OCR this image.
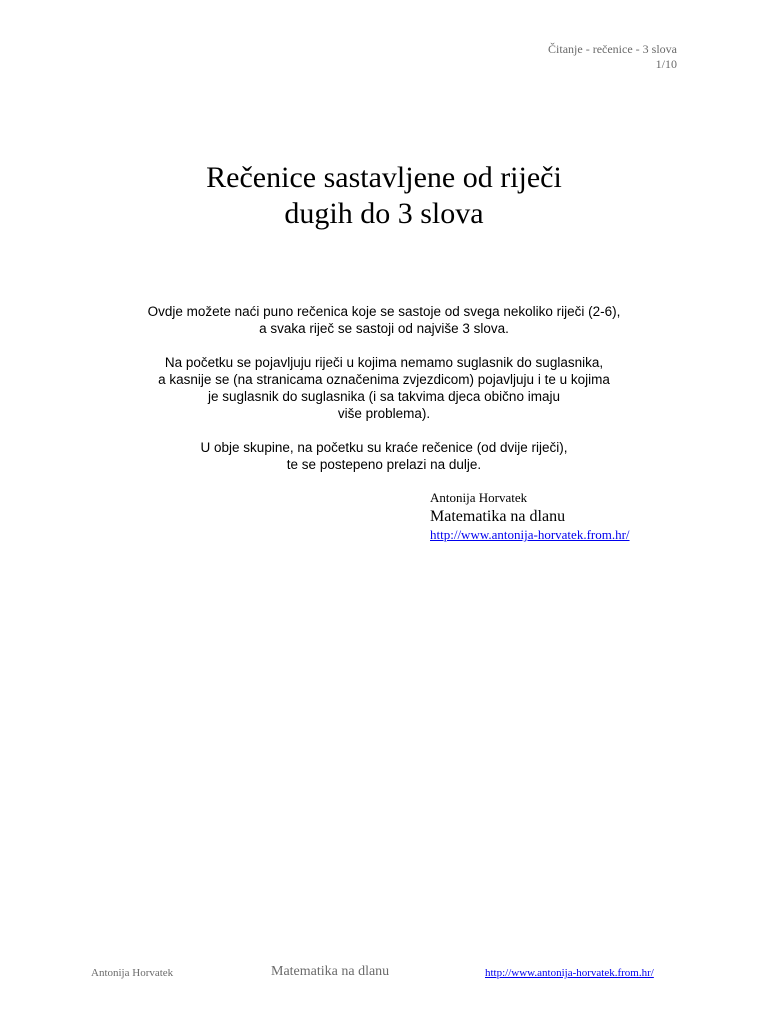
Čitanje - rečenice - 3 slova
1/10
Rečenice sastavljene od riječi
dugih do 3 slova

Ovdje možete naći puno rečenica koje se sastoje od svega nekoliko riječi (2-6),
a svaka riječ se sastoji od najviše 3 slova.

Na početku se pojavljuju riječi u kojima nemamo suglasnik do suglasnika,
a kasnije se (na stranicama označenima zvjezdicom) pojavljuju i te u kojima
je suglasnik do suglasnika (i sa takvima djeca obično imaju
više problema).

U obje skupine, na početku su kraće rečenice (od dvije riječi),
te se postepeno prelazi na dulje.

Antonija Horvatek
Matematika na dlanu
http://www.antonija-horvatek.from.hr/
Antonija Horvatek	Matematika na dlanu	http://www.antonija-horvatek.from.hr/
